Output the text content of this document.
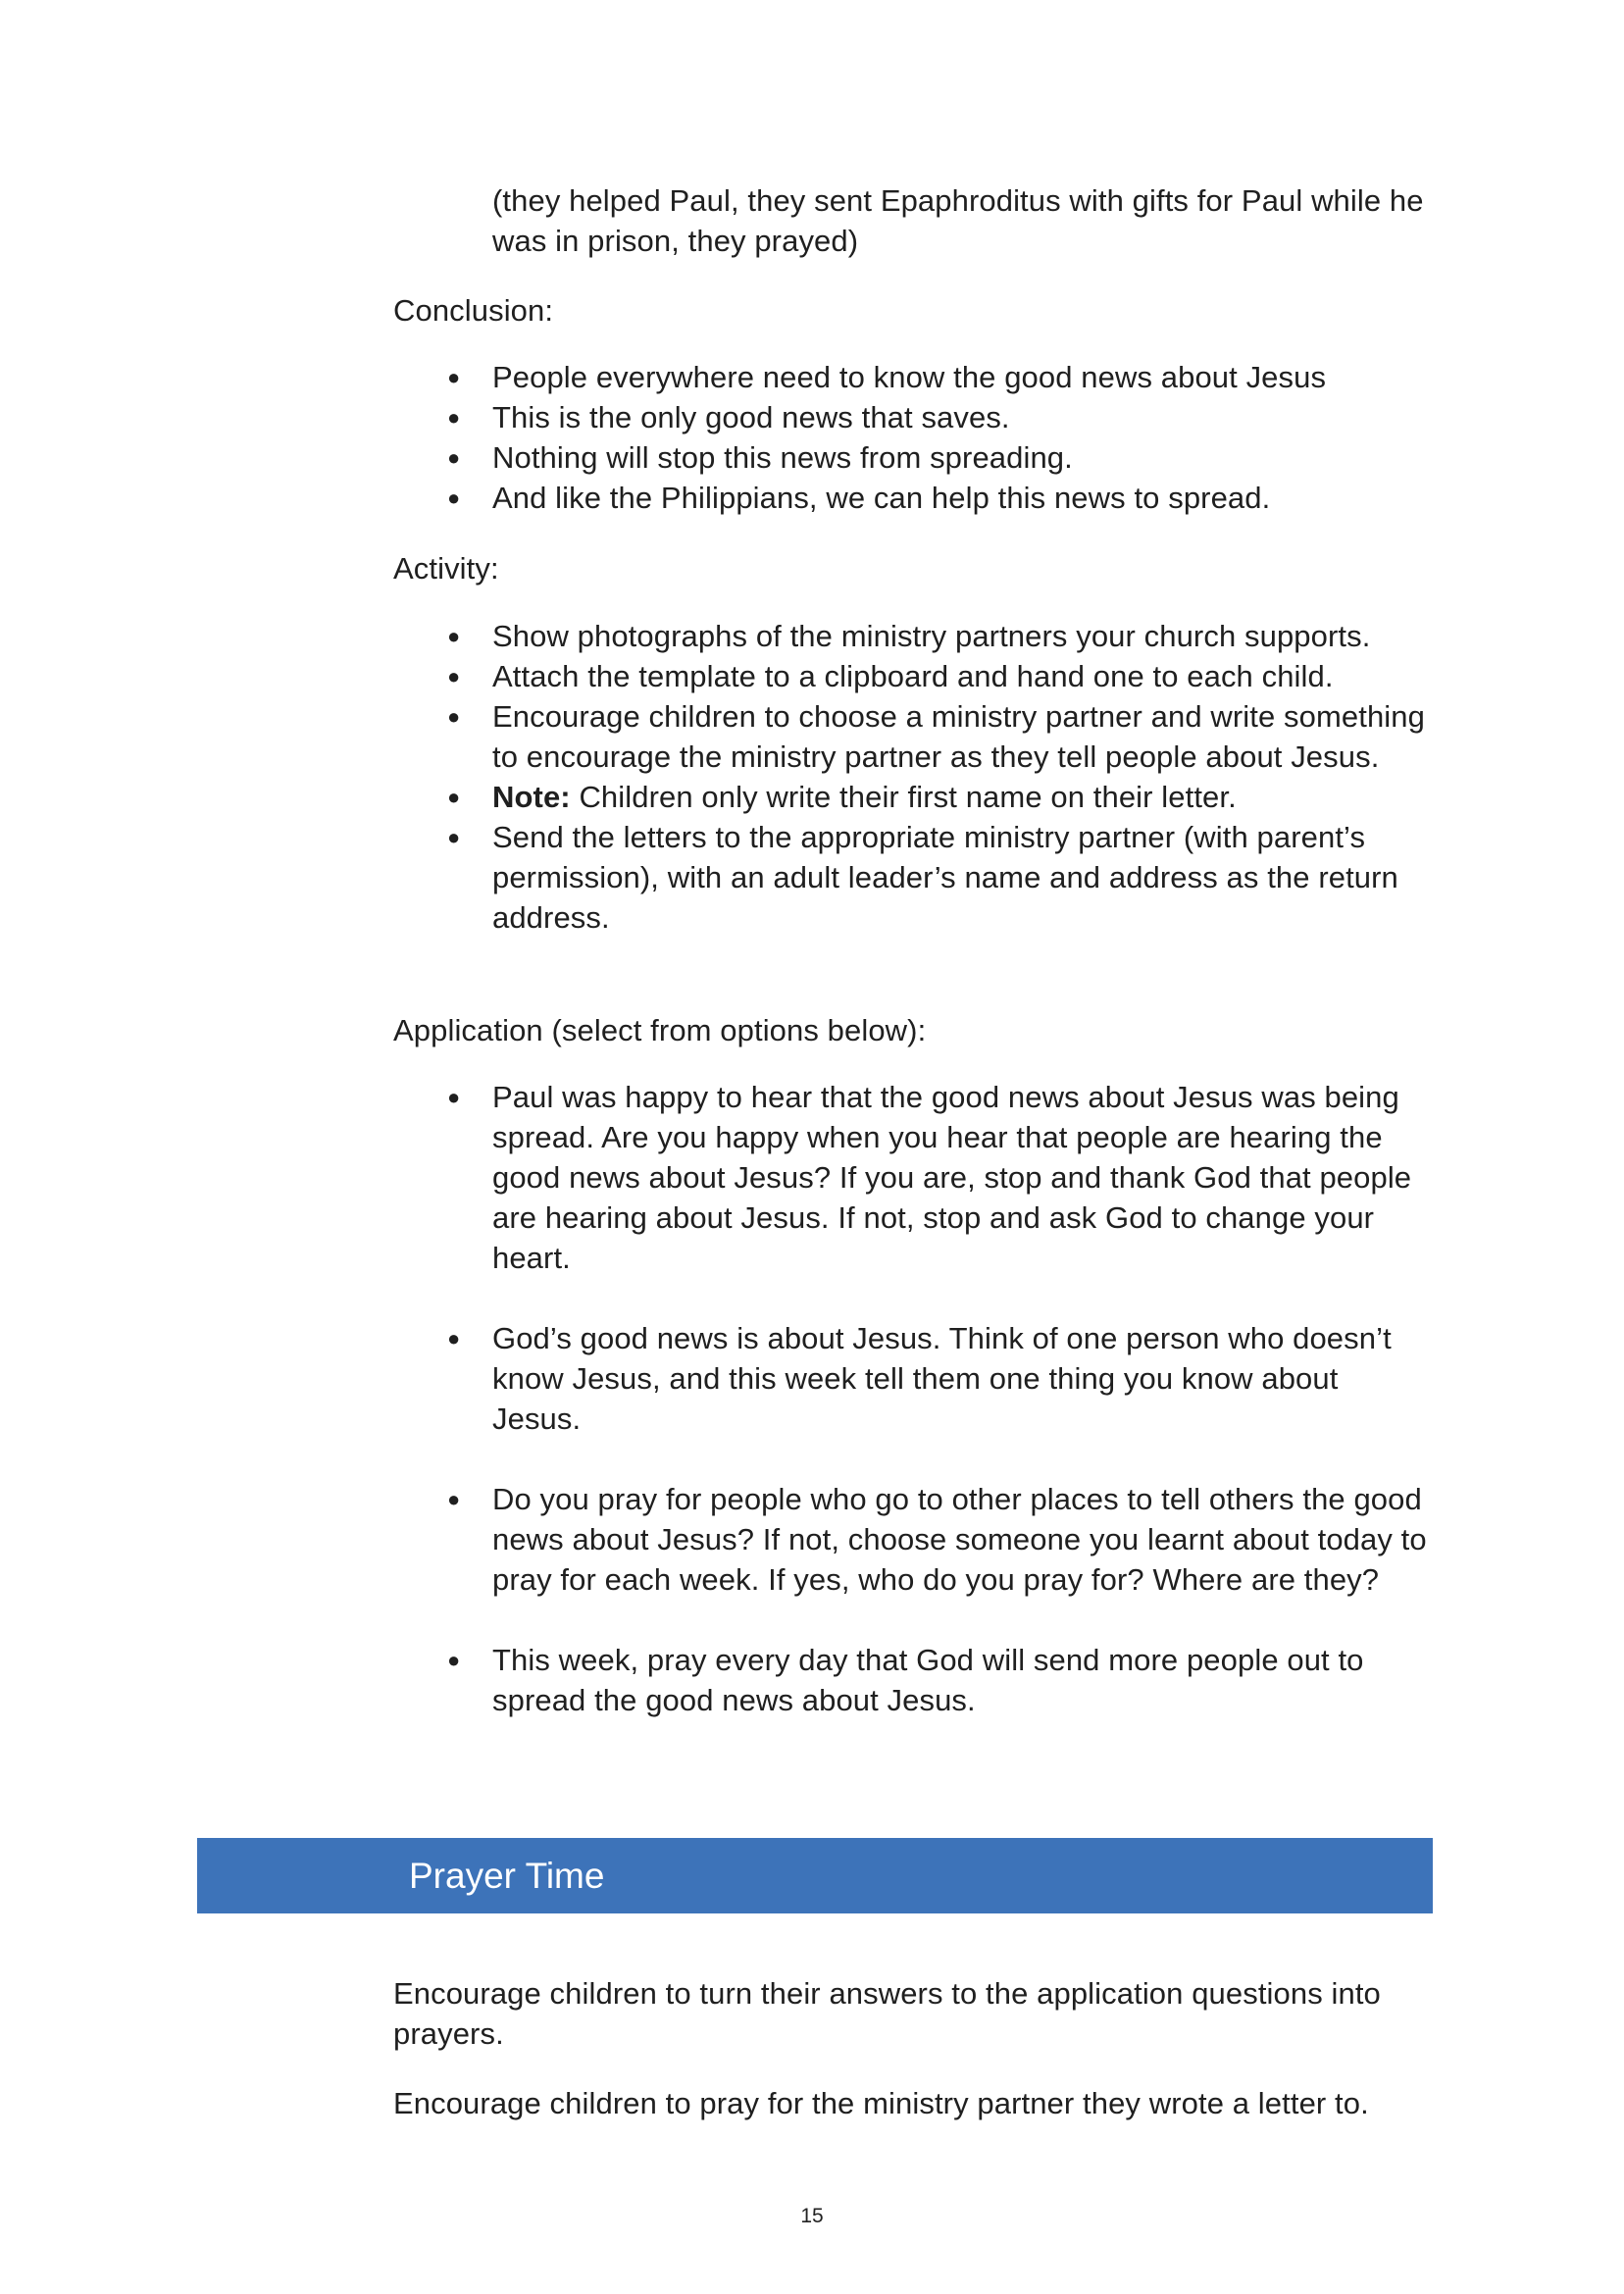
(they helped Paul, they sent Epaphroditus with gifts for Paul while he was in prison, they prayed)

Conclusion:

● People everywhere need to know the good news about Jesus
● This is the only good news that saves.
● Nothing will stop this news from spreading.
● And like the Philippians, we can help this news to spread.

Activity:

● Show photographs of the ministry partners your church supports.
● Attach the template to a clipboard and hand one to each child.
● Encourage children to choose a ministry partner and write something to encourage the ministry partner as they tell people about Jesus.
● Note: Children only write their first name on their letter.
● Send the letters to the appropriate ministry partner (with parent’s permission), with an adult leader’s name and address as the return address.

Application (select from options below):

● Paul was happy to hear that the good news about Jesus was being spread. Are you happy when you hear that people are hearing the good news about Jesus? If you are, stop and thank God that people are hearing about Jesus. If not, stop and ask God to change your heart.
● God’s good news is about Jesus. Think of one person who doesn’t know Jesus, and this week tell them one thing you know about Jesus.
● Do you pray for people who go to other places to tell others the good news about Jesus? If not, choose someone you learnt about today to pray for each week. If yes, who do you pray for? Where are they?
● This week, pray every day that God will send more people out to spread the good news about Jesus.
Prayer Time

Encourage children to turn their answers to the application questions into prayers.

Encourage children to pray for the ministry partner they wrote a letter to.

15
